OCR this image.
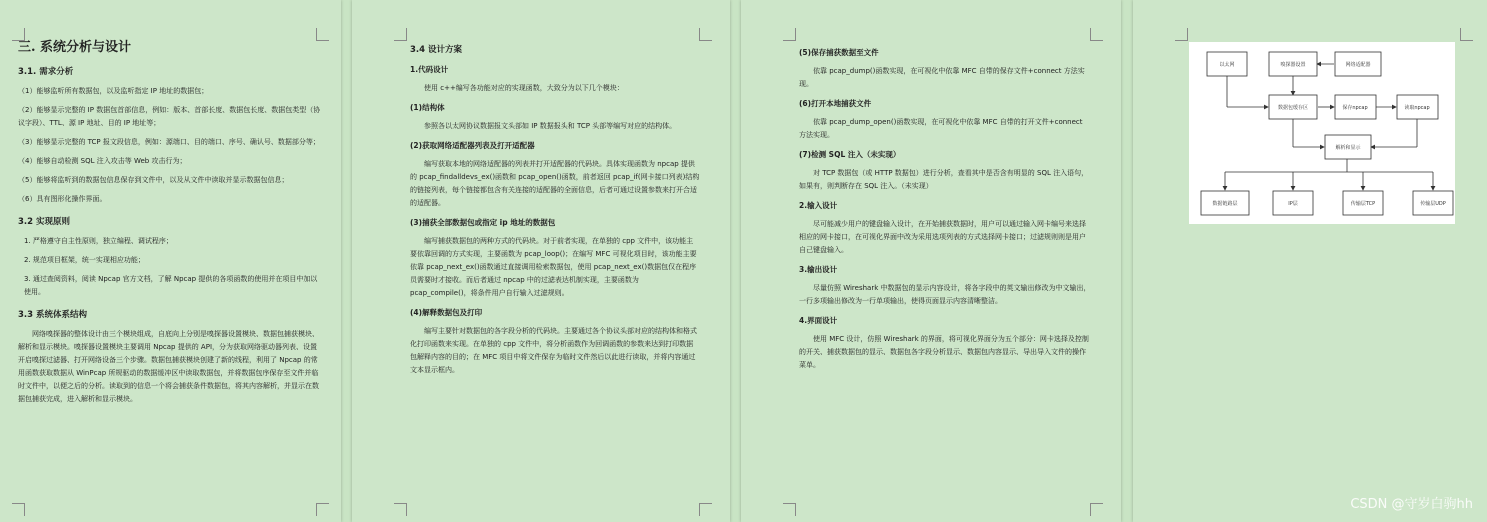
三. 系统分析与设计
3.1. 需求分析
（1）能够监听所有数据包，以及监听指定 IP 地址的数据包；
（2）能够显示完整的 IP 数据包首部信息，例如：版本、首部长度、数据包长度、数据包类型（协议字段）、TTL、源 IP 地址、目的 IP 地址等；
（3）能够显示完整的 TCP 报文段信息，例如：源端口、目的端口、序号、确认号、数据部分等；
（4）能够自动检测 SQL 注入攻击等 Web 攻击行为；
（5）能够将监听到的数据包信息保存到文件中，以及从文件中读取并显示数据包信息；
（6）具有图形化操作界面。
3.2 实现原则
1. 严格遵守自主性原则，独立编程、调试程序；
2. 规范项目框架，统一实现相应功能；
3. 通过查阅资料，阅读 Npcap 官方文档，了解 Npcap 提供的各项函数的使用并在项目中加以使用。
3.3 系统体系结构
网络嗅探器的整体设计由三个模块组成，自底向上分别是嗅探器设置模块、数据包捕获模块、解析和显示模块。嗅探器设置模块主要调用 Npcap 提供的 API，分为获取网络驱动器列表、设置开启嗅探过滤器、打开网络设备三个步骤。数据包捕获模块创建了新的线程，利用了 Npcap 的常用函数获取数据从 WinPcap 所规驱动的数据缓冲区中读取数据包，并将数据包序保存至文件并临时文件中，以便之后的分析。读取到的信息一个将会捕获条件数据包，将其内容解析，并显示在数据包捕获完成，进入解析和显示模块。
3.4 设计方案
1.代码设计
使用 c++编写各功能对应的实现函数，大致分为以下几个模块：
(1)结构体
参照各以太网协议数据报文头部如 IP 数据报头和 TCP 头部等编写对应的结构体。
(2)获取网络适配器列表及打开适配器
编写获取本地的网络适配器的列表并打开适配器的代码块。具体实现函数为 npcap 提供的 pcap_findalldevs_ex()函数和 pcap_open()函数，前者返回 pcap_if(网卡接口列表)结构的链接列表，每个链接都包含有关连接的适配器的全面信息，后者可通过设置参数来打开合适的适配器。
(3)捕获全部数据包或指定 ip 地址的数据包
编写捕获数据包的两种方式的代码块。对于前者实现，在单独的 cpp 文件中，该功能主要依靠回调的方式实现，主要函数为 pcap_loop()；在编写 MFC 可视化项目时，该功能主要依靠 pcap_next_ex()函数通过直接调用检索数据包，使用 pcap_next_ex()数据包仅在程序员需要时才接收。而后者通过 npcap 中的过滤表达机制实现，主要函数为 pcap_compile()，将条件用户自行输入过滤规则。
(4)解释数据包及打印
编写主要针对数据包的各字段分析的代码块。主要通过各个协议头部对应的结构体和格式化打印函数来实现。在单独的 cpp 文件中，将分析函数作为回调函数的参数来达到打印数据包解释内容的目的；在 MFC 项目中将文件保存为临时文件然后以此进行读取，并将内容通过文本显示框内。
(5)保存捕获数据至文件
依靠 pcap_dump()函数实现，在可视化中依靠 MFC 自带的保存文件+connect 方法实现。
(6)打开本地捕获文件
依靠 pcap_dump_open()函数实现，在可视化中依靠 MFC 自带的打开文件+connect 方法实现。
(7)检测 SQL 注入（未实现）
对 TCP 数据包（或 HTTP 数据包）进行分析，查看其中是否含有明显的 SQL 注入语句，如果有，则判断存在 SQL 注入。（未实现）
2.输入设计
尽可能减少用户的键盘输入设计，在开始捕获数据时，用户可以通过输入网卡编号来选择相应的网卡接口，在可视化界面中改为采用选项列表的方式选择网卡接口；过滤规则则是用户自己键盘输入。
3.输出设计
尽量仿照 Wireshark 中数据包的显示内容设计，将各字段中的英文输出修改为中文输出，一行多项输出修改为一行单项输出，使得页面显示内容清晰整洁。
4.界面设计
使用 MFC 设计，仿照 Wireshark 的界面，将可视化界面分为五个部分：网卡选择及控制的开关、捕获数据包的显示、数据包各字段分析显示、数据包内容显示、导出导入文件的操作菜单。
以太网	嗅探器设置	网络适配器
数据包缓存区	保存npcap	读取npcap
解析和显示
数据链路层	IP层	传输层TCP	传输层UDP
CSDN @守岁白驹hh
